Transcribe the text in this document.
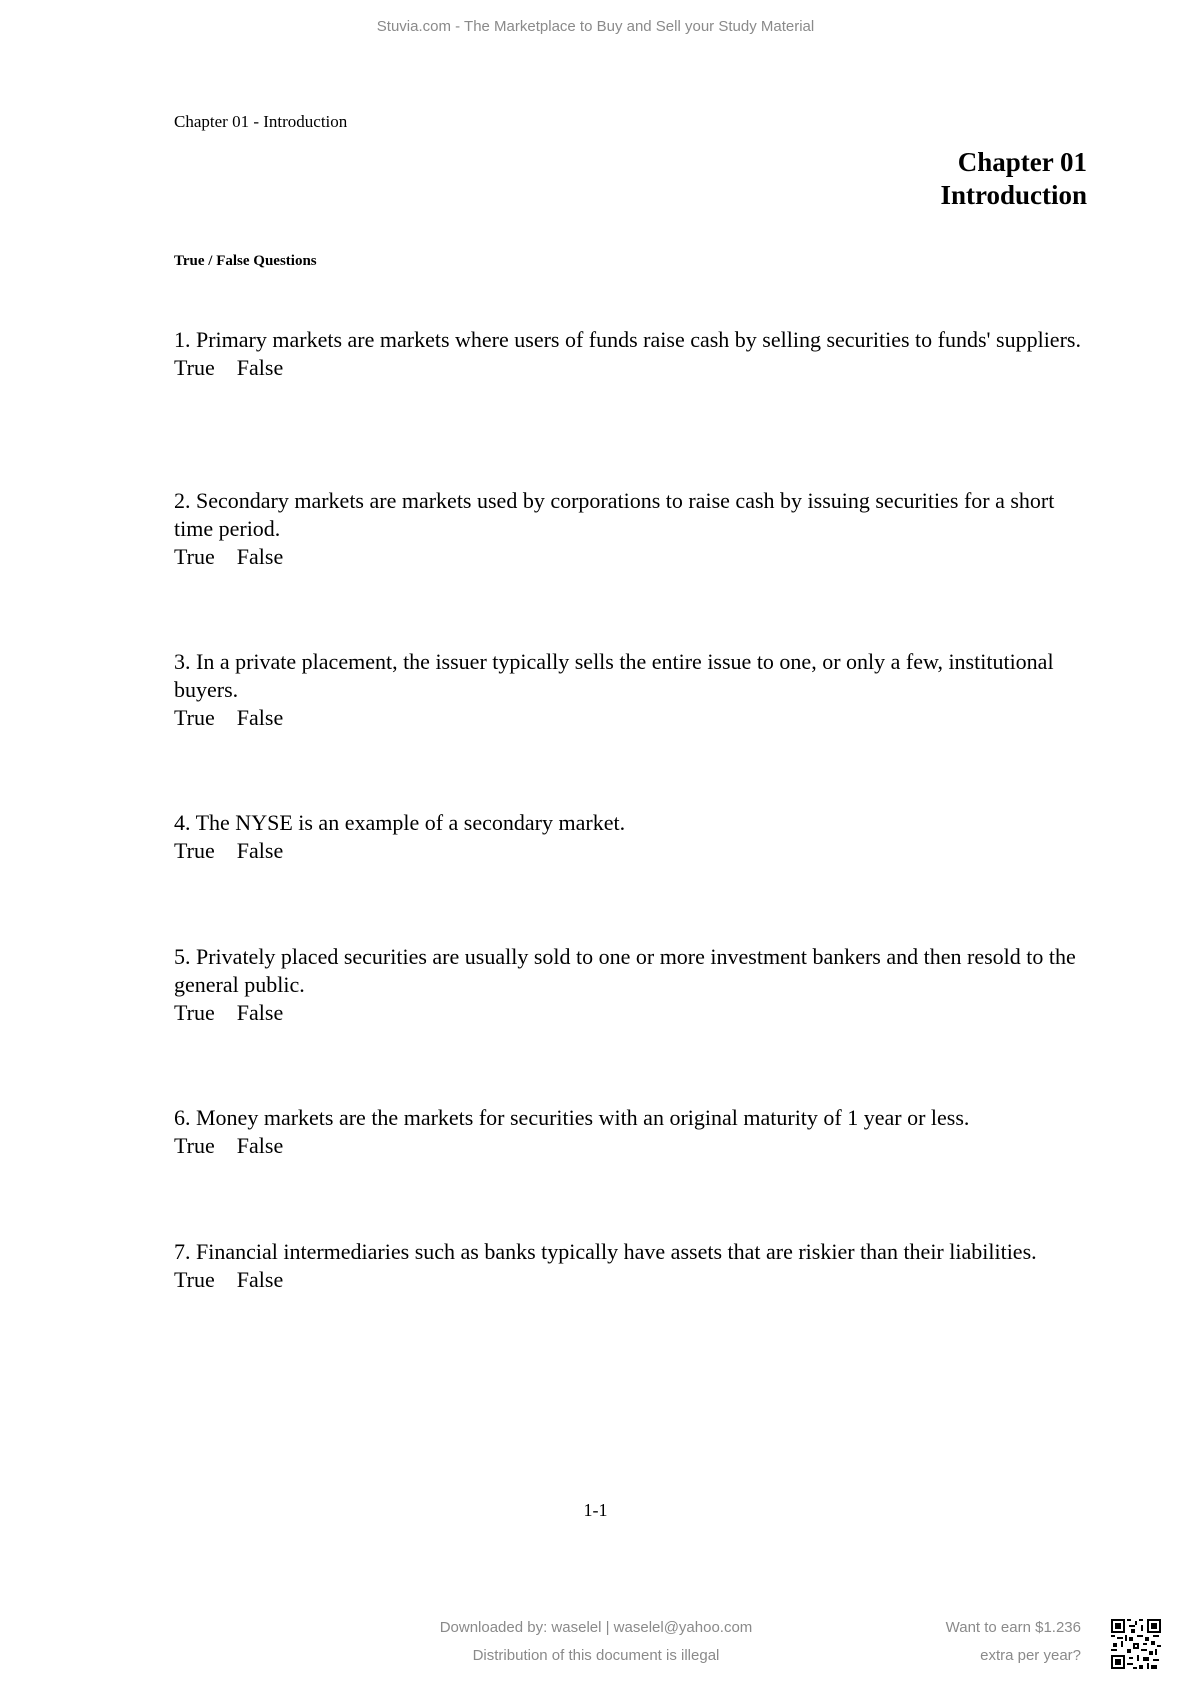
Stuvia.com - The Marketplace to Buy and Sell your Study Material
Chapter 01 - Introduction
Chapter 01
Introduction
True / False Questions
1. Primary markets are markets where users of funds raise cash by selling securities to funds' suppliers.
True False
2. Secondary markets are markets used by corporations to raise cash by issuing securities for a short time period.
True False
3. In a private placement, the issuer typically sells the entire issue to one, or only a few, institutional buyers.
True False
4. The NYSE is an example of a secondary market.
True False
5. Privately placed securities are usually sold to one or more investment bankers and then resold to the general public.
True False
6. Money markets are the markets for securities with an original maturity of 1 year or less.
True False
7. Financial intermediaries such as banks typically have assets that are riskier than their liabilities.
True False
1-1
Downloaded by: waselel | waselel@yahoo.com
Distribution of this document is illegal
Want to earn $1.236
extra per year?
